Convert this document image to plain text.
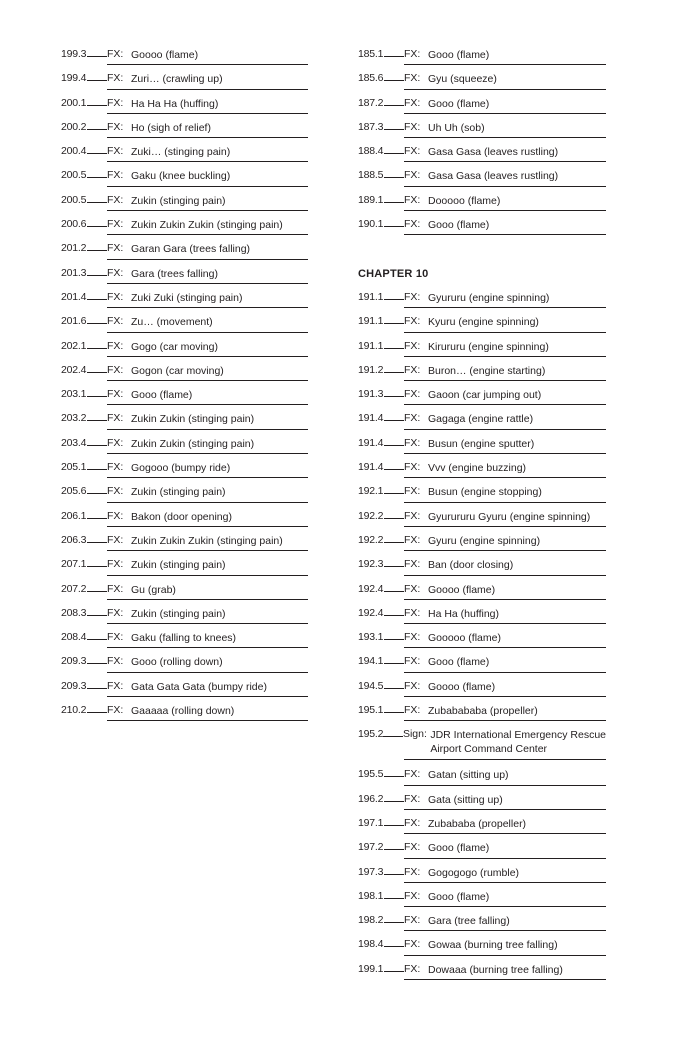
199.3 FX: Goooo (flame)
199.4 FX: Zuri… (crawling up)
200.1 FX: Ha Ha Ha (huffing)
200.2 FX: Ho (sigh of relief)
200.4 FX: Zuki… (stinging pain)
200.5 FX: Gaku (knee buckling)
200.5 FX: Zukin (stinging pain)
200.6 FX: Zukin Zukin Zukin (stinging pain)
201.2 FX: Garan Gara (trees falling)
201.3 FX: Gara (trees falling)
201.4 FX: Zuki Zuki (stinging pain)
201.6 FX: Zu… (movement)
202.1 FX: Gogo (car moving)
202.4 FX: Gogon (car moving)
203.1 FX: Gooo (flame)
203.2 FX: Zukin Zukin (stinging pain)
203.4 FX: Zukin Zukin (stinging pain)
205.1 FX: Gogooo (bumpy ride)
205.6 FX: Zukin (stinging pain)
206.1 FX: Bakon (door opening)
206.3 FX: Zukin Zukin Zukin (stinging pain)
207.1 FX: Zukin (stinging pain)
207.2 FX: Gu (grab)
208.3 FX: Zukin (stinging pain)
208.4 FX: Gaku (falling to knees)
209.3 FX: Gooo (rolling down)
209.3 FX: Gata Gata Gata (bumpy ride)
210.2 FX: Gaaaaa (rolling down)
185.1 FX: Gooo (flame)
185.6 FX: Gyu (squeeze)
187.2 FX: Gooo (flame)
187.3 FX: Uh Uh (sob)
188.4 FX: Gasa Gasa (leaves rustling)
188.5 FX: Gasa Gasa (leaves rustling)
189.1 FX: Dooooo (flame)
190.1 FX: Gooo (flame)
CHAPTER 10
191.1 FX: Gyururu (engine spinning)
191.1 FX: Kyuru (engine spinning)
191.1 FX: Kirururu (engine spinning)
191.2 FX: Buron… (engine starting)
191.3 FX: Gaoon (car jumping out)
191.4 FX: Gagaga (engine rattle)
191.4 FX: Busun (engine sputter)
191.4 FX: Vvv (engine buzzing)
192.1 FX: Busun (engine stopping)
192.2 FX: Gyurururu Gyuru (engine spinning)
192.2 FX: Gyuru (engine spinning)
192.3 FX: Ban (door closing)
192.4 FX: Goooo (flame)
192.4 FX: Ha Ha (huffing)
193.1 FX: Gooooo (flame)
194.1 FX: Gooo (flame)
194.5 FX: Goooo (flame)
195.1 FX: Zubabababa (propeller)
195.2 Sign: JDR International Emergency Rescue
Airport Command Center
195.5 FX: Gatan (sitting up)
196.2 FX: Gata (sitting up)
197.1 FX: Zubababa (propeller)
197.2 FX: Gooo (flame)
197.3 FX: Gogogogo (rumble)
198.1 FX: Gooo (flame)
198.2 FX: Gara (tree falling)
198.4 FX: Gowaa (burning tree falling)
199.1 FX: Dowaaa (burning tree falling)
